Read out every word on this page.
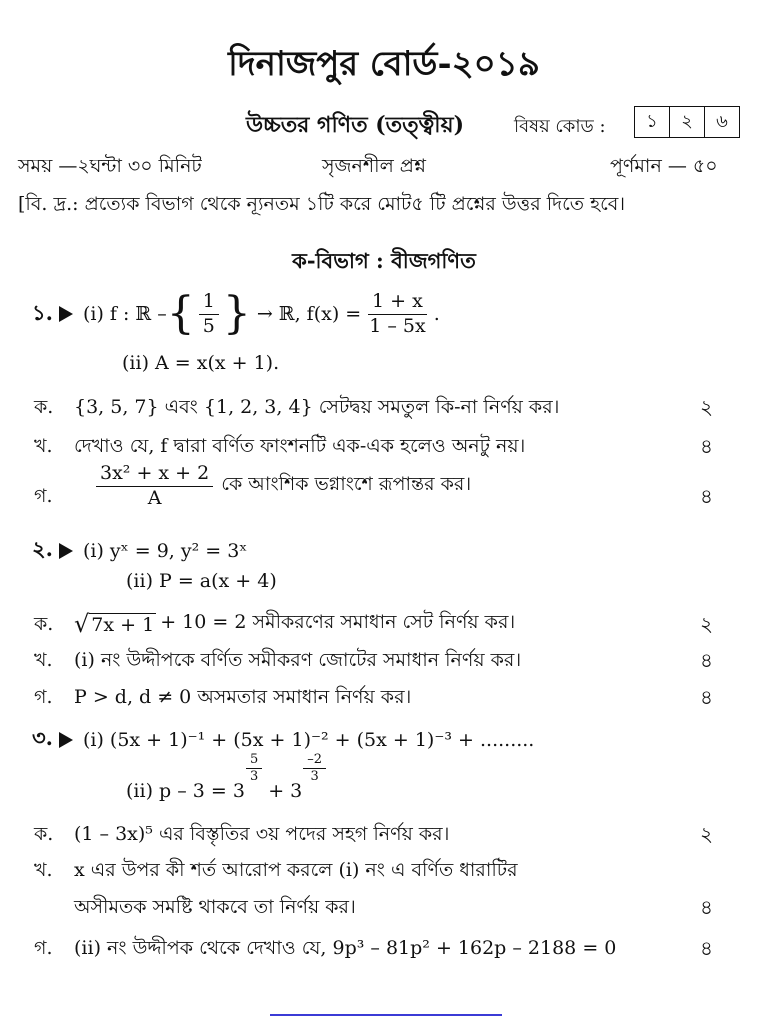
দিনাজপুর বোর্ড-২০১৯
উচ্চতর গণিত (তত্ত্বীয়)	বিষয় কোড :	১	২	৬
সময় —২ঘন্টা ৩০ মিনিট	সৃজনশীল প্রশ্ন	পূর্ণমান — ৫০
[বি. দ্র.: প্রত্যেক বিভাগ থেকে ন্যূনতম ১টি করে মোট৫ টি প্রশ্নের উত্তর দিতে হবে।
ক-বিভাগ : বীজগণিত
১. (i) f : ℝ – { $\frac{1}{5}$ } → ℝ, $f(x) = \frac{1 + x}{1 - 5x}$ .
(ii) A = x(x + 1).
ক. {3, 5, 7} এবং {1, 2, 3, 4} সেটদ্বয় সমতুল কি-না নির্ণয় কর।	২
খ. দেখাও যে, f দ্বারা বর্ণিত ফাংশনটি এক-এক হলেও অনটু নয়।	৪
গ. $\frac{\text{3x² + x + 2}}{A}$ কে আংশিক ভগ্নাংশে রূপান্তর কর।	৪
২. (i) yˣ = 9, y² = 3ˣ
(ii) P = a(x + 4)
ক. √ 7x + 1 + 10 = 2 সমীকরণের সমাধান সেট নির্ণয় কর।	২
খ. (i) নং উদ্দীপকে বর্ণিত সমীকরণ জোটের সমাধান নির্ণয় কর।	৪
গ. P > d, d ≠ 0 অসমতার সমাধান নির্ণয় কর।	৪
৩. (i) (5x + 1)⁻¹ + (5x + 1)⁻² + (5x + 1)⁻³ + .........
(ii) p – 3 = 3
$\frac{5}{3}$
+ 3
$\frac{-2}{3}$
ক. (1 – 3x)⁵ এর বিস্তৃতির ৩য় পদের সহগ নির্ণয় কর।	২
খ. x এর উপর কী শর্ত আরোপ করলে (i) নং এ বর্ণিত ধারাটির
অসীমতক সমষ্টি থাকবে তা নির্ণয় কর।	৪
গ. (ii) নং উদ্দীপক থেকে দেখাও যে, 9p³ – 81p² + 162p – 2188 = 0	৪
